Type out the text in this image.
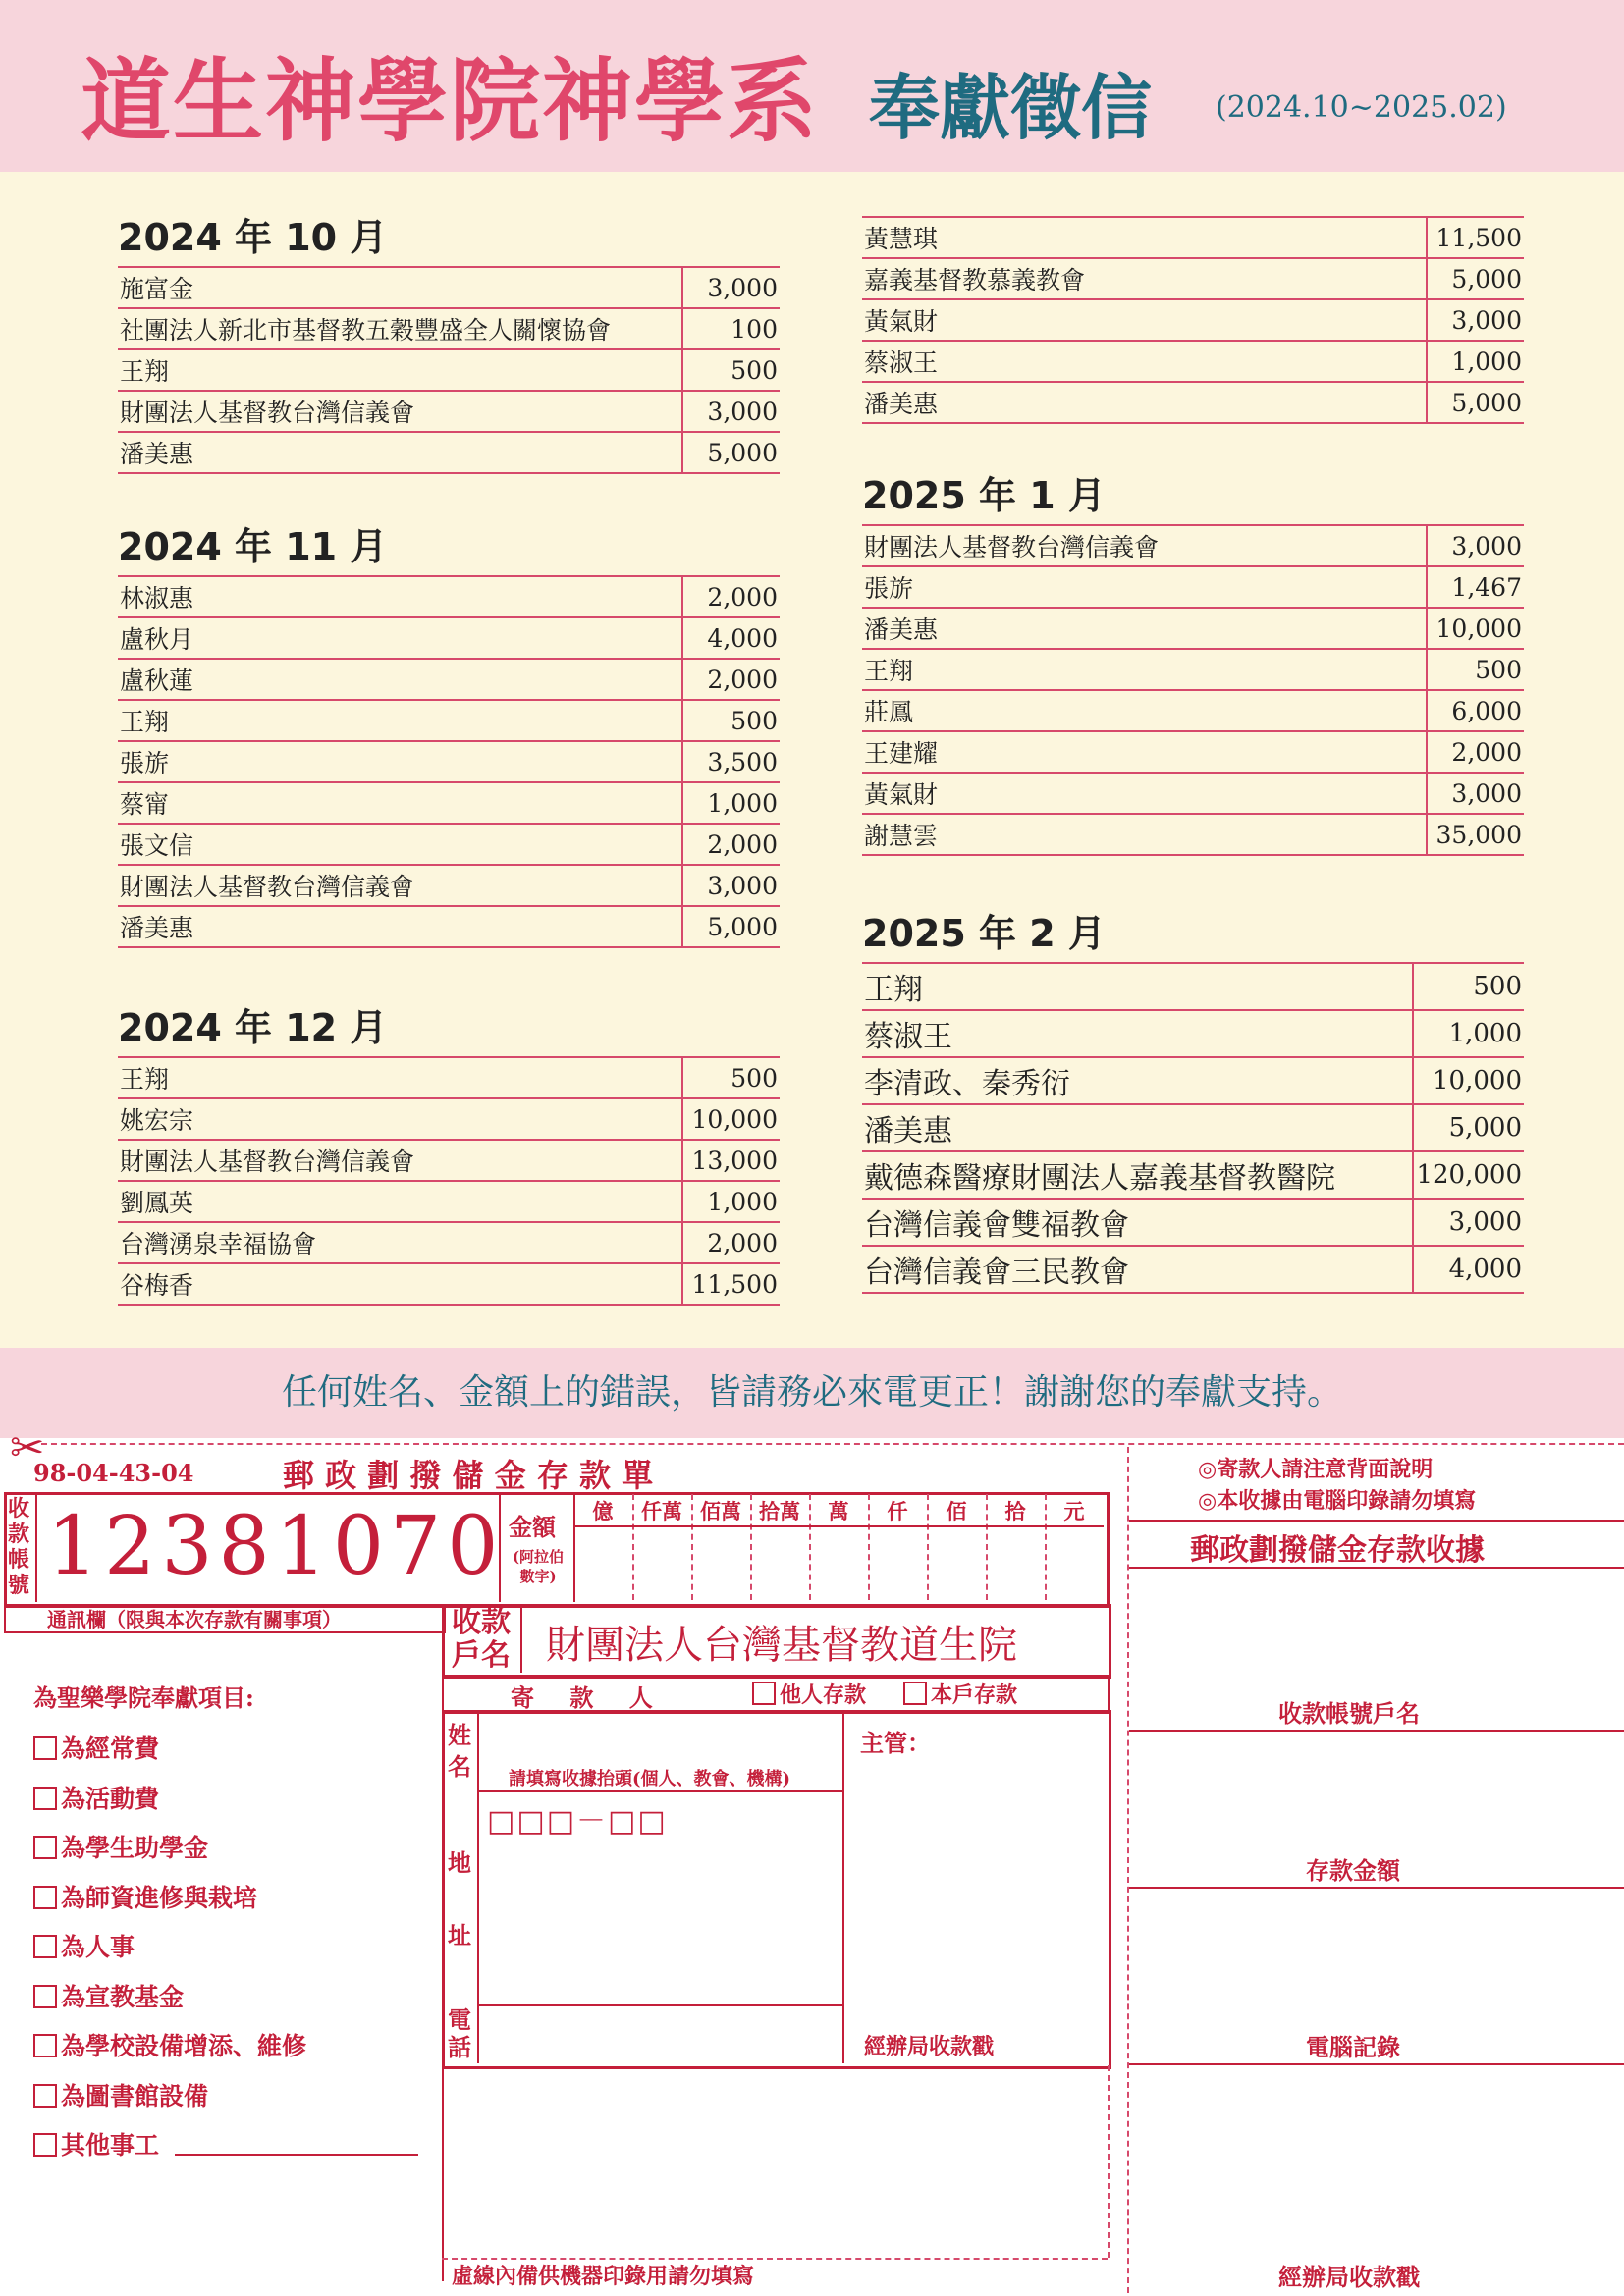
道生神學院神學系 奉獻徵信 (2024.10~2025.02)
2024 年 10 月
施富金	3,000
社團法人新北市基督教五穀豐盛全人關懷協會	100
王翔	500
財團法人基督教台灣信義會	3,000
潘美惠	5,000
2024 年 11 月
林淑惠	2,000
盧秋月	4,000
盧秋蓮	2,000
王翔	500
張旂	3,500
蔡甯	1,000
張文信	2,000
財團法人基督教台灣信義會	3,000
潘美惠	5,000
2024 年 12 月
王翔	500
姚宏宗	10,000
財團法人基督教台灣信義會	13,000
劉鳳英	1,000
台灣湧泉幸福協會	2,000
谷梅香	11,500
黃慧琪	11,500
嘉義基督教慕義教會	5,000
黃氣財	3,000
蔡淑王	1,000
潘美惠	5,000
2025 年 1 月
財團法人基督教台灣信義會	3,000
張旂	1,467
潘美惠	10,000
王翔	500
莊鳳	6,000
王建耀	2,000
黃氣財	3,000
謝慧雲	35,000
2025 年 2 月
王翔	500
蔡淑王	1,000
李清政、秦秀衍	10,000
潘美惠	5,000
戴德森醫療財團法人嘉義基督教醫院	120,000
台灣信義會雙福教會	3,000
台灣信義會三民教會	4,000
任何姓名、金額上的錯誤，皆請務必來電更正！謝謝您的奉獻支持。
✂
98-04-43-04	郵 政 劃 撥 儲 金 存 款 單
收款帳號 12381070 金額
(阿拉伯數字)
億	仟萬 佰萬 拾萬	萬	仟	佰	拾	元
通訊欄（限與本次存款有關事項）
為聖樂學院奉獻項目:
為經常費
為活動費
為學生助學金
為師資進修與栽培
為人事
為宣教基金
為學校設備增添、維修
為圖書館設備
其他事工
收款戶名 財團法人台灣基督教道生院
寄 款 人	他人存款	本戶存款
姓名 請填寫收據抬頭(個人、教會、機構)
□□□－□□
地
址
電話
主管：
經辦局收款戳
虛線內備供機器印錄用請勿填寫
◎寄款人請注意背面說明
◎本收據由電腦印錄請勿填寫
郵政劃撥儲金存款收據
收款帳號戶名
存款金額
電腦記錄
經辦局收款戳
